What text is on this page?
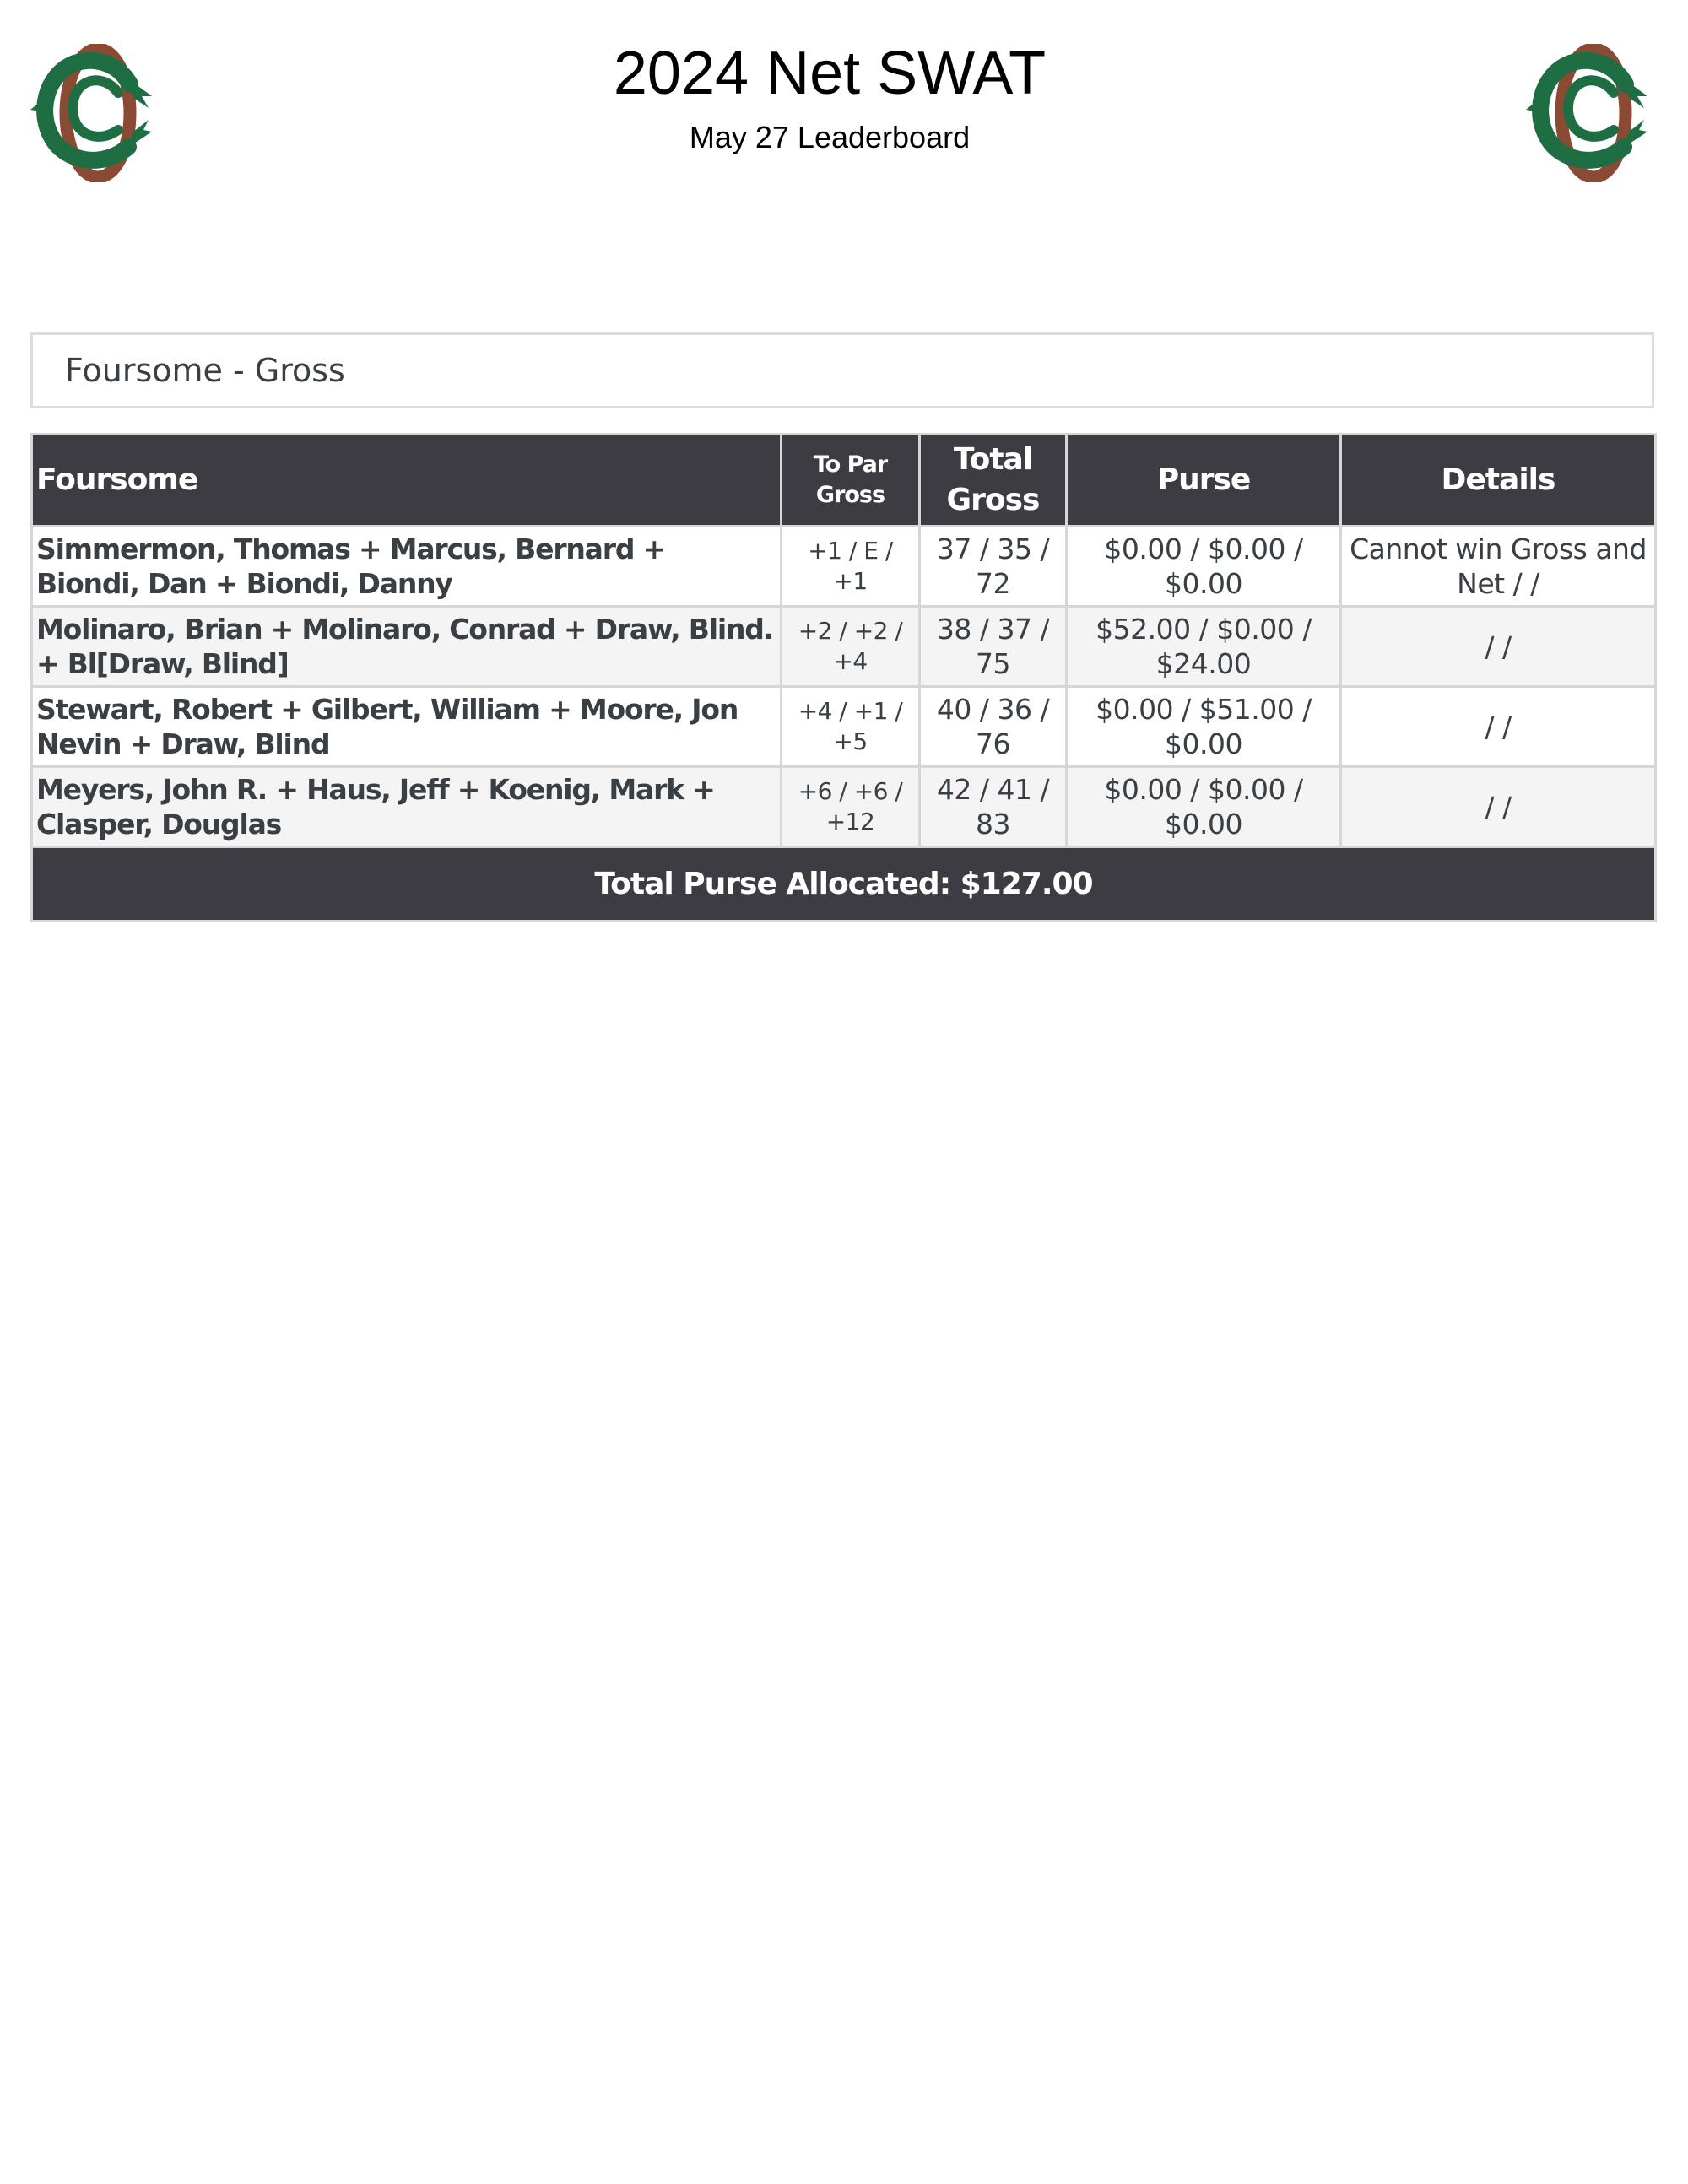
2024 Net SWAT
May 27 Leaderboard
Foursome - Gross
Foursome	To Par Gross	Total Gross	Purse	Details
Simmermon, Thomas + Marcus, Bernard + Biondi, Dan + Biondi, Danny	+1 / E / +1	37 / 35 / 72	$0.00 / $0.00 / $0.00	Cannot win Gross and Net / /
Molinaro, Brian + Molinaro, Conrad + Draw, Blind. + Bl[Draw, Blind]	+2 / +2 / +4	38 / 37 / 75	$52.00 / $0.00 / $24.00	/ /
Stewart, Robert + Gilbert, William + Moore, Jon Nevin + Draw, Blind	+4 / +1 / +5	40 / 36 / 76	$0.00 / $51.00 / $0.00	/ /
Meyers, John R. + Haus, Jeff + Koenig, Mark + Clasper, Douglas	+6 / +6 / +12	42 / 41 / 83	$0.00 / $0.00 / $0.00	/ /
Total Purse Allocated: $127.00				
